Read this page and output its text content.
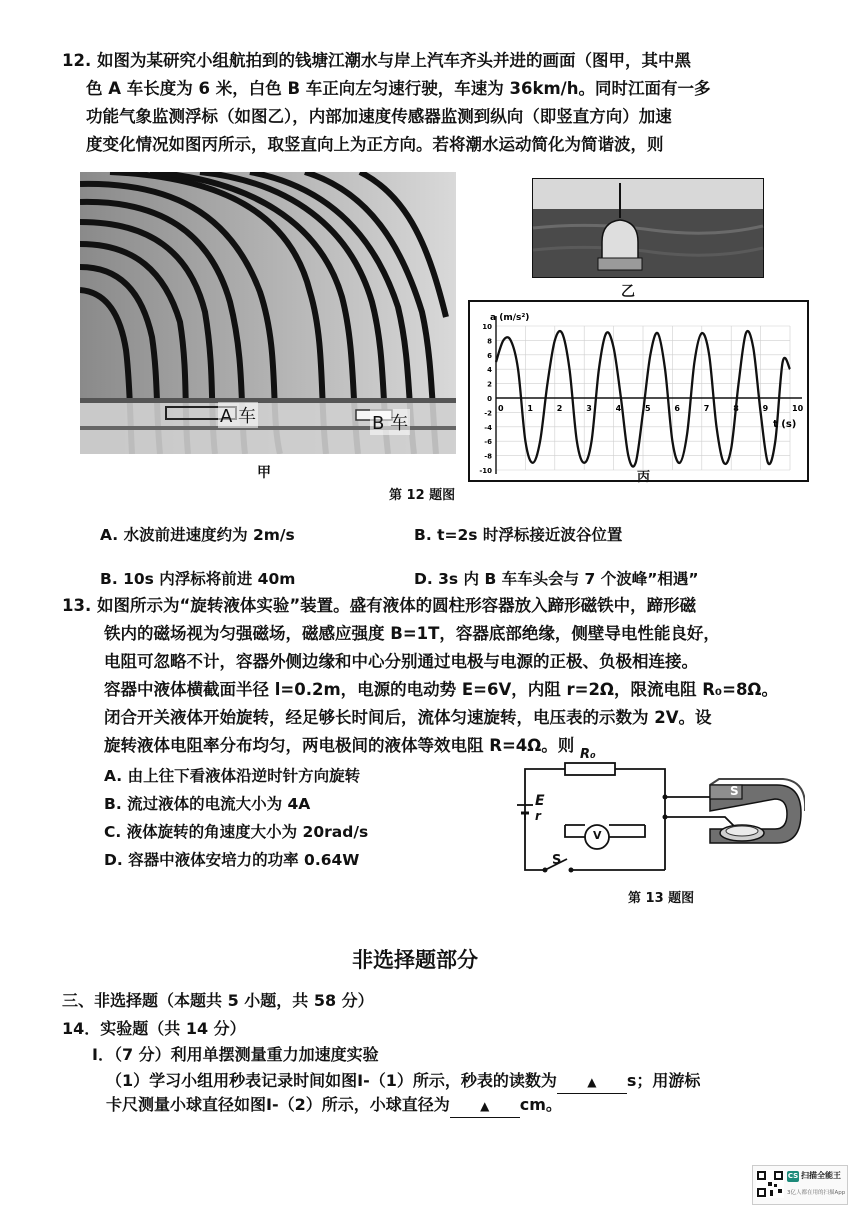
12. 如图为某研究小组航拍到的钱塘江潮水与岸上汽车齐头并进的画面（图甲，其中黑
色 A 车长度为 6 米，白色 B 车正向左匀速行驶，车速为 36km/h。同时江面有一多
功能气象监测浮标（如图乙），内部加速度传感器监测到纵向（即竖直方向）加速
度变化情况如图丙所示，取竖直向上为正方向。若将潮水运动简化为简谐波，则
A 车	B 车
甲
乙
-10
-8
-6
-4
-2
0
2
4
6
8
10
0	1	2	3	4	5	6	7	8	9	10
a (m/s²)
t (s)
丙
第 12 题图
A. 水波前进速度约为 2m/s	B. t=2s 时浮标接近波谷位置
B. 10s 内浮标将前进 40m	D. 3s 内 B 车车头会与 7 个波峰”相遇”
13. 如图所示为“旋转液体实验”装置。盛有液体的圆柱形容器放入蹄形磁铁中，蹄形磁
铁内的磁场视为匀强磁场，磁感应强度 B=1T，容器底部绝缘，侧壁导电性能良好，
电阻可忽略不计，容器外侧边缘和中心分别通过电极与电源的正极、负极相连接。
容器中液体横截面半径 l=0.2m，电源的电动势 E=6V，内阻 r=2Ω，限流电阻 R₀=8Ω。
闭合开关液体开始旋转，经足够长时间后，流体匀速旋转，电压表的示数为 2V。设
旋转液体电阻率分布均匀，两电极间的液体等效电阻 R=4Ω。则
A. 由上往下看液体沿逆时针方向旋转
B. 流过液体的电流大小为 4A
C. 液体旋转的角速度大小为 20rad/s
D. 容器中液体安培力的功率 0.64W
R₀
E
r
V
S
S
第 13 题图
非选择题部分
三、非选择题（本题共 5 小题，共 58 分）
14．实验题（共 14 分）
Ⅰ．（7 分）利用单摆测量重力加速度实验
（1）学习小组用秒表记录时间如图Ⅰ-（1）所示，秒表的读数为	▲ s；用游标
卡尺测量小球直径如图Ⅰ-（2）所示，小球直径为	▲ cm。
CS 扫描全能王
3亿人都在用的扫描App
